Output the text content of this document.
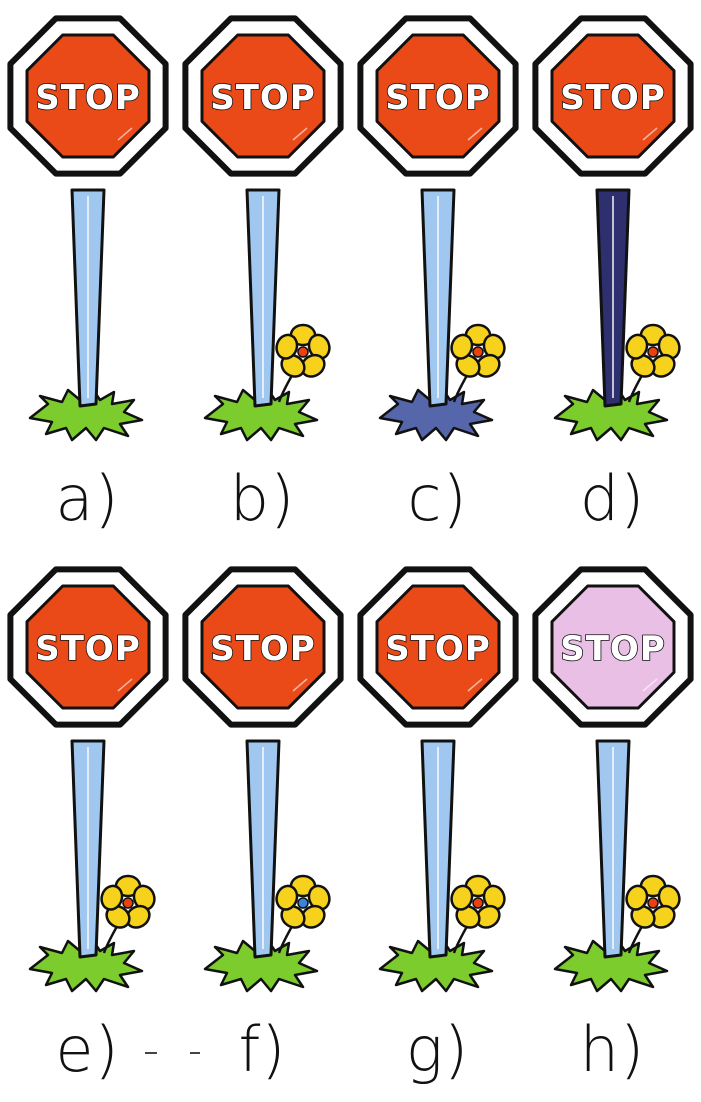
STOP
a)
STOP
b)
STOP
c)
STOP
d)
STOP
e)
STOP
f)
STOP
g)
STOP
h)
